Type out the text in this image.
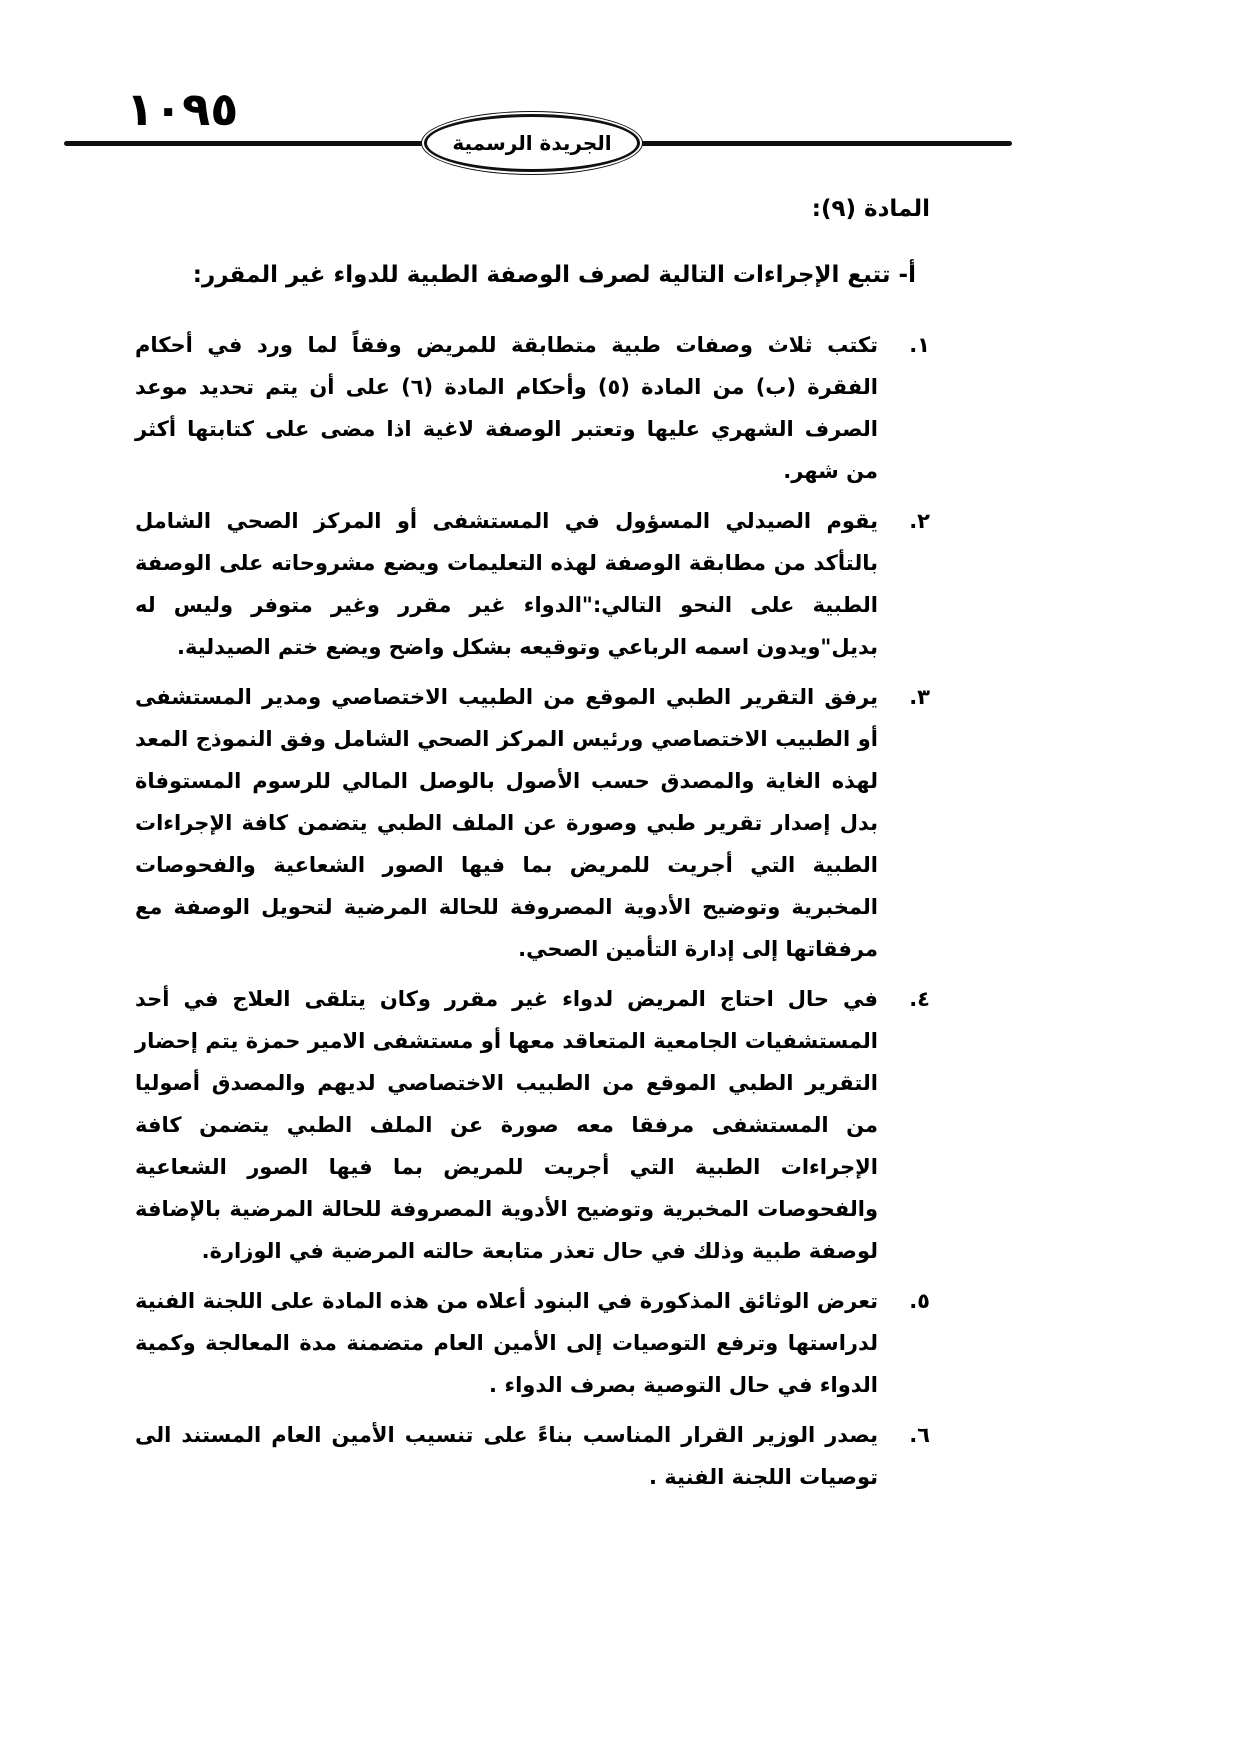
١٠٩٥
الجريدة الرسمية
المادة (٩):
أ- تتبع الإجراءات التالية لصرف الوصفة الطبية للدواء غير المقرر:
١.
تكتب ثلاث وصفات طبية متطابقة للمريض وفقاً لما ورد في أحكام الفقرة (ب) من المادة (٥) وأحكام المادة (٦) على أن يتم تحديد موعد الصرف الشهري عليها وتعتبر الوصفة لاغية اذا مضى على كتابتها أكثر من شهر.
٢.
يقوم الصيدلي المسؤول في المستشفى أو المركز الصحي الشامل بالتأكد من مطابقة الوصفة لهذه التعليمات ويضع مشروحاته على الوصفة الطبية على النحو التالي:"الدواء غير مقرر وغير متوفر وليس له بديل"ويدون اسمه الرباعي وتوقيعه بشكل واضح ويضع ختم الصيدلية.
٣.
يرفق التقرير الطبي الموقع من الطبيب الاختصاصي ومدير المستشفى أو الطبيب الاختصاصي ورئيس المركز الصحي الشامل وفق النموذج المعد لهذه الغاية والمصدق حسب الأصول بالوصل المالي للرسوم المستوفاة بدل إصدار تقرير طبي وصورة عن الملف الطبي يتضمن كافة الإجراءات الطبية التي أجريت للمريض بما فيها الصور الشعاعية والفحوصات المخبرية وتوضيح الأدوية المصروفة للحالة المرضية لتحويل الوصفة مع مرفقاتها إلى إدارة التأمين الصحي.
٤.
في حال احتاج المريض لدواء غير مقرر وكان يتلقى العلاج في أحد المستشفيات الجامعية المتعاقد معها أو مستشفى الامير حمزة يتم إحضار التقرير الطبي الموقع من الطبيب الاختصاصي لديهم والمصدق أصوليا من المستشفى مرفقا معه صورة عن الملف الطبي يتضمن كافة الإجراءات الطبية التي أجريت للمريض بما فيها الصور الشعاعية والفحوصات المخبرية وتوضيح الأدوية المصروفة للحالة المرضية بالإضافة لوصفة طبية وذلك في حال تعذر متابعة حالته المرضية في الوزارة.
٥.
تعرض الوثائق المذكورة في البنود أعلاه من هذه المادة على اللجنة الفنية لدراستها وترفع التوصيات إلى الأمين العام متضمنة مدة المعالجة وكمية الدواء في حال التوصية بصرف الدواء .
٦.
يصدر الوزير القرار المناسب بناءً على تنسيب الأمين العام المستند الى توصيات اللجنة الفنية .
